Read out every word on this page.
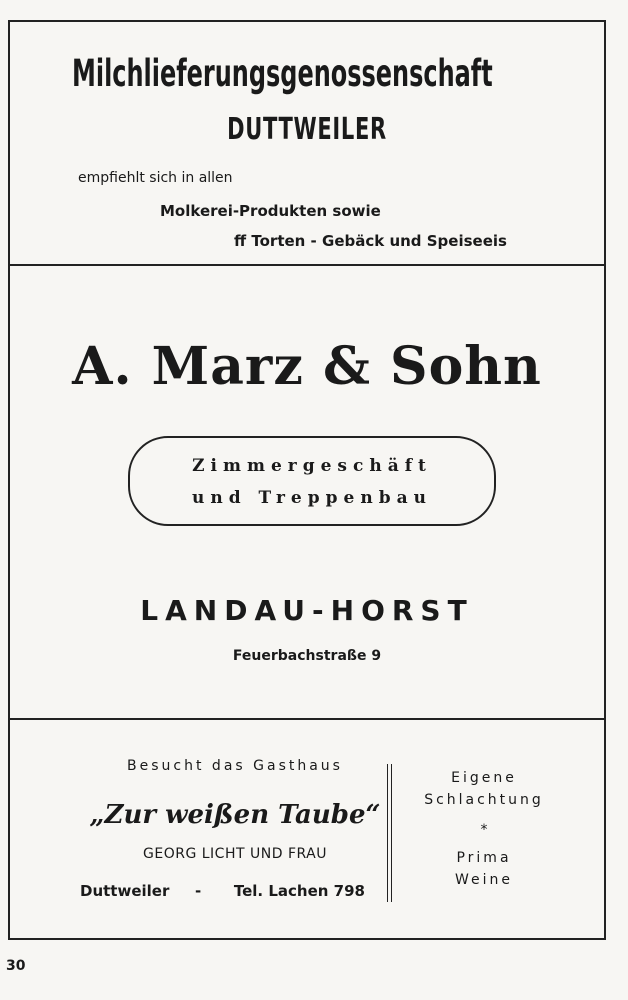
Milchlieferungsgenossenschaft
DUTTWEILER
empfiehlt sich in allen
Molkerei-Produkten sowie
ff Torten - Gebäck und Speiseeis
A. Marz & Sohn
Zimmergeschäft
und Treppenbau
LANDAU-HORST
Feuerbachstraße 9
Besucht das Gasthaus
„Zur weißen Taube“
GEORG LICHT UND FRAU
Duttweiler - Tel. Lachen 798
Eigene
Schlachtung
*
Prima
Weine
30
